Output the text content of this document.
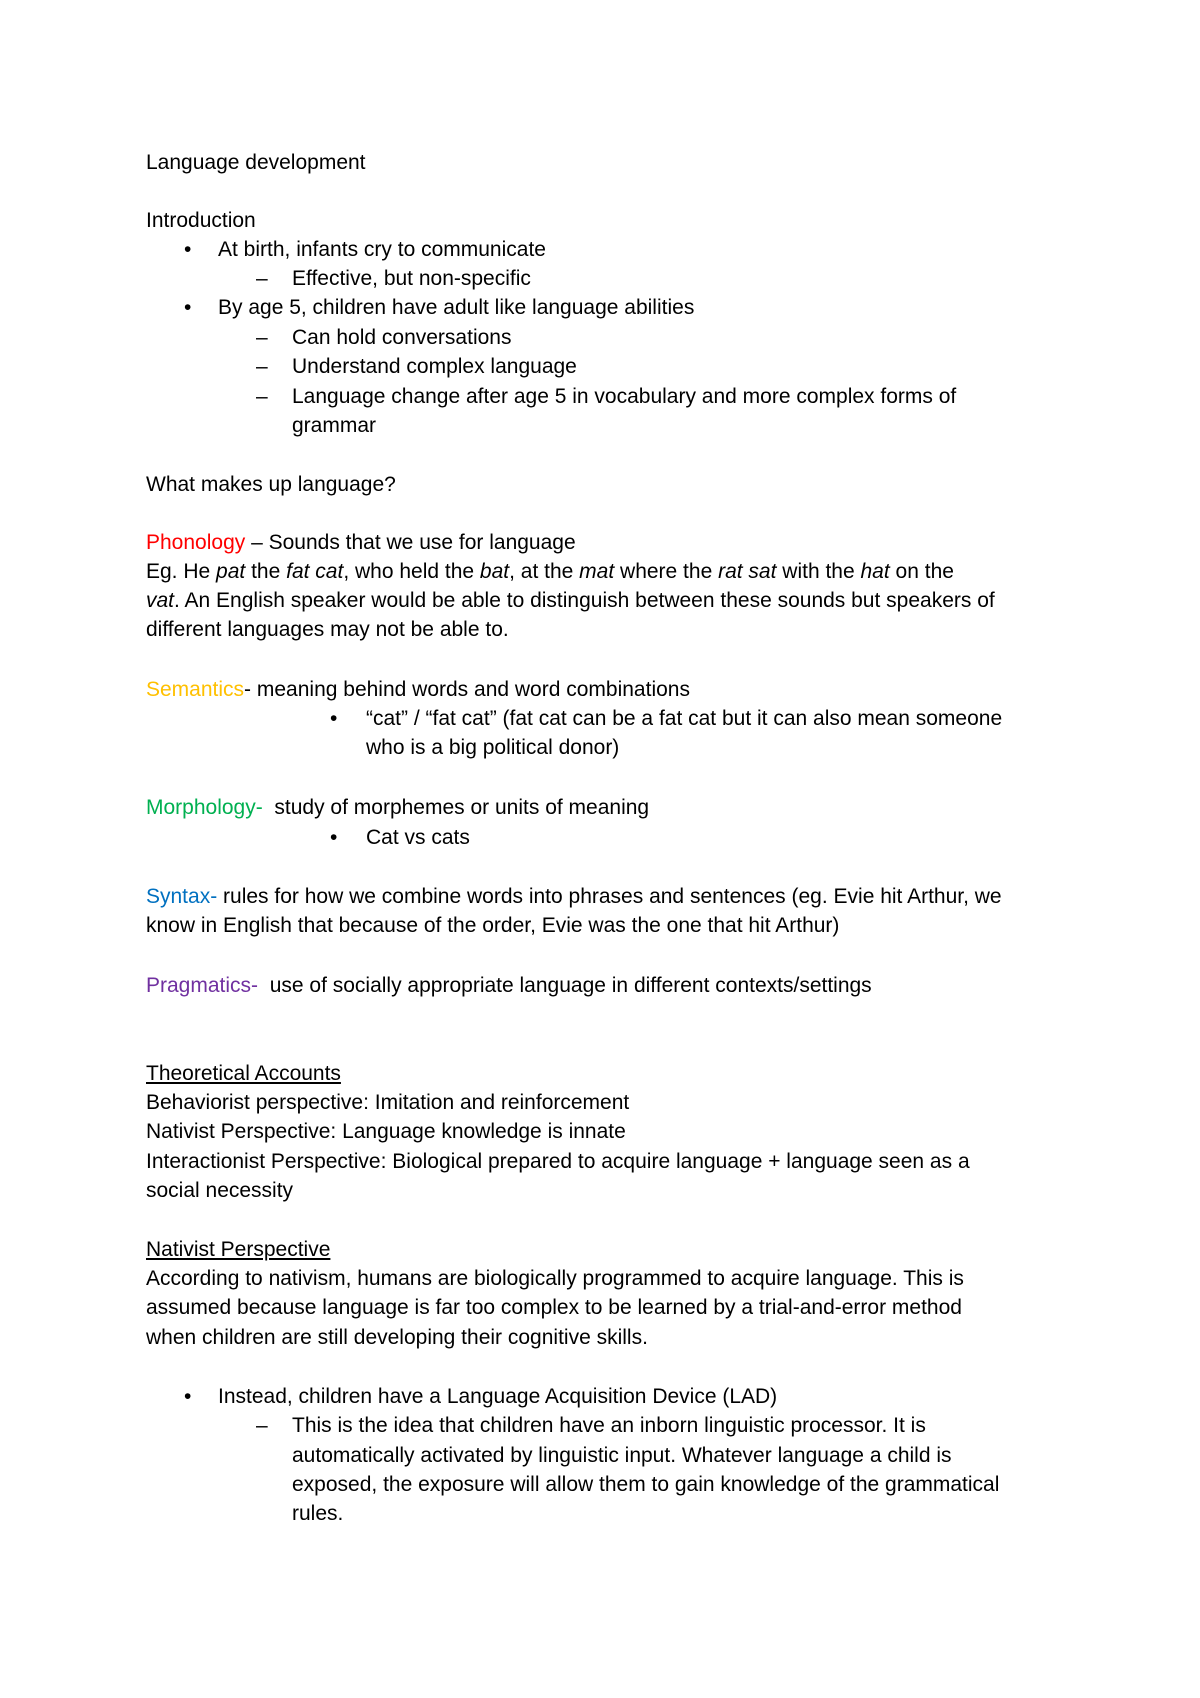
Language development
Introduction
• At birth, infants cry to communicate
– Effective, but non-specific
• By age 5, children have adult like language abilities
– Can hold conversations
– Understand complex language
– Language change after age 5 in vocabulary and more complex forms of
grammar
What makes up language?
Phonology – Sounds that we use for language
Eg. He pat the fat cat, who held the bat, at the mat where the rat sat with the hat on the
vat. An English speaker would be able to distinguish between these sounds but speakers of
different languages may not be able to.
Semantics- meaning behind words and word combinations
• “cat” / “fat cat” (fat cat can be a fat cat but it can also mean someone
who is a big political donor)
Morphology-  study of morphemes or units of meaning
• Cat vs cats
Syntax- rules for how we combine words into phrases and sentences (eg. Evie hit Arthur, we
know in English that because of the order, Evie was the one that hit Arthur)
Pragmatics-  use of socially appropriate language in different contexts/settings
Theoretical Accounts
Behaviorist perspective: Imitation and reinforcement
Nativist Perspective: Language knowledge is innate
Interactionist Perspective: Biological prepared to acquire language + language seen as a
social necessity
Nativist Perspective
According to nativism, humans are biologically programmed to acquire language. This is
assumed because language is far too complex to be learned by a trial-and-error method
when children are still developing their cognitive skills.
• Instead, children have a Language Acquisition Device (LAD)
– This is the idea that children have an inborn linguistic processor. It is
automatically activated by linguistic input. Whatever language a child is
exposed, the exposure will allow them to gain knowledge of the grammatical
rules.
